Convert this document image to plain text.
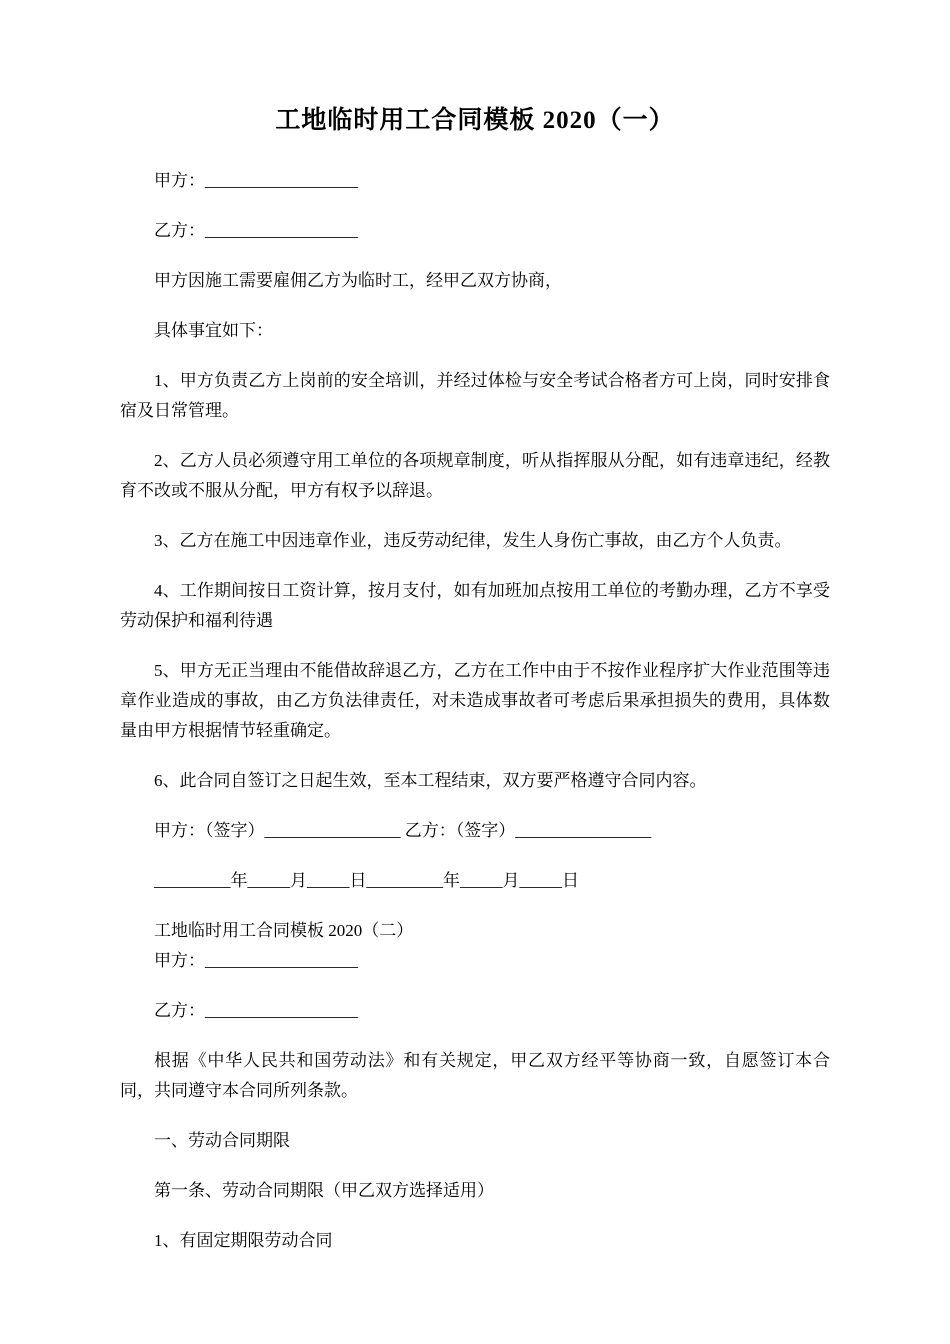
工地临时用工合同模板 2020（一）

甲方：__________________

乙方：__________________

甲方因施工需要雇佣乙方为临时工，经甲乙双方协商，

具体事宜如下：

1、甲方负责乙方上岗前的安全培训，并经过体检与安全考试合格者方可上岗，同时安排食宿及日常管理。

2、乙方人员必须遵守用工单位的各项规章制度，听从指挥服从分配，如有违章违纪，经教育不改或不服从分配，甲方有权予以辞退。

3、乙方在施工中因违章作业，违反劳动纪律，发生人身伤亡事故，由乙方个人负责。

4、工作期间按日工资计算，按月支付，如有加班加点按用工单位的考勤办理，乙方不享受劳动保护和福利待遇

5、甲方无正当理由不能借故辞退乙方，乙方在工作中由于不按作业程序扩大作业范围等违章作业造成的事故，由乙方负法律责任，对未造成事故者可考虑后果承担损失的费用，具体数量由甲方根据情节轻重确定。

6、此合同自签订之日起生效，至本工程结束，双方要严格遵守合同内容。

甲方：（签字）________________ 乙方：（签字）________________

_________年_____月_____日_________年_____月_____日

工地临时用工合同模板 2020（二）

甲方：__________________

乙方：__________________

根据《中华人民共和国劳动法》和有关规定，甲乙双方经平等协商一致，自愿签订本合同，共同遵守本合同所列条款。

一、劳动合同期限

第一条、劳动合同期限（甲乙双方选择适用）

1、有固定期限劳动合同
